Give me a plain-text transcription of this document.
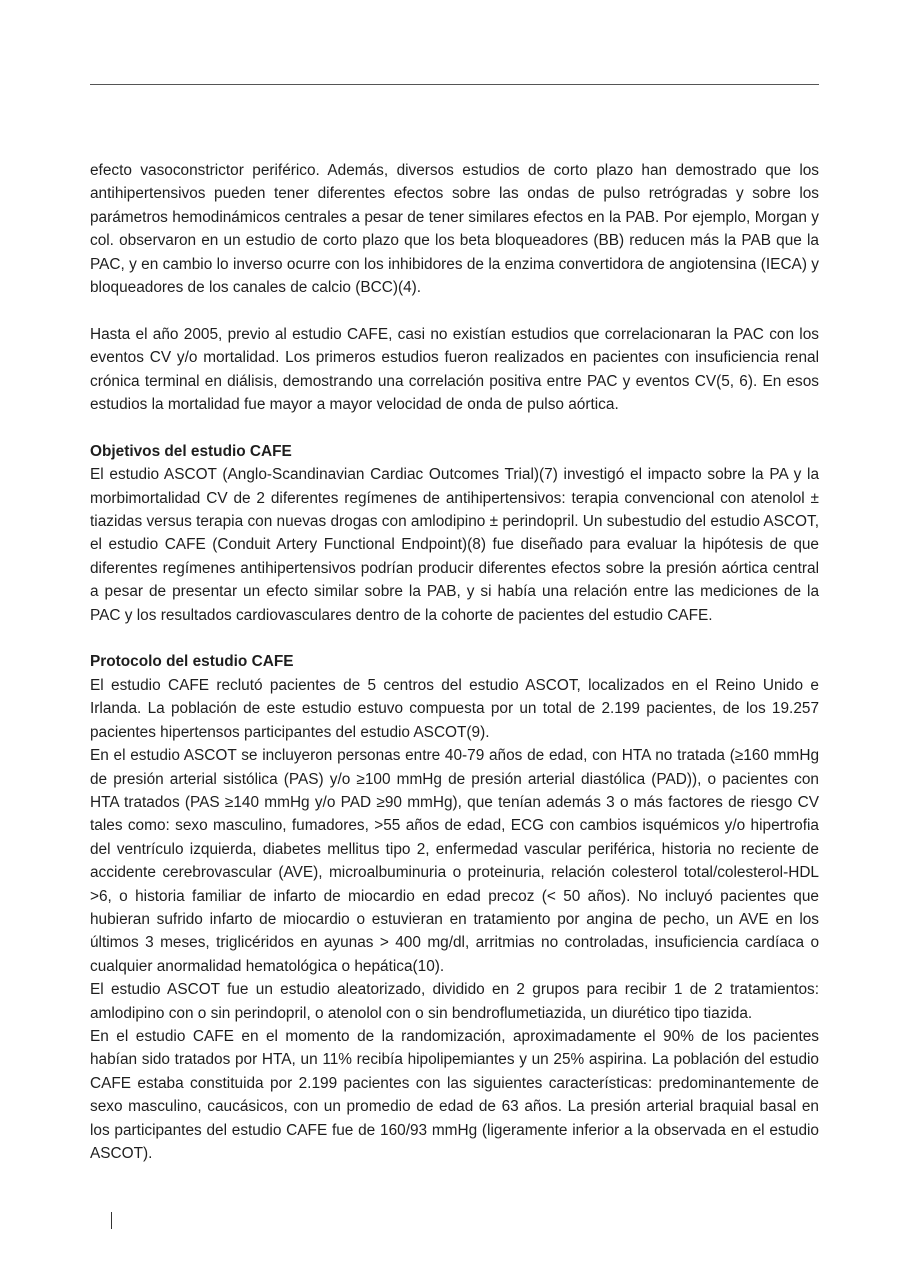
efecto vasoconstrictor periférico. Además, diversos estudios de corto plazo han demostrado que los antihipertensivos pueden tener diferentes efectos sobre las ondas de pulso retrógradas y sobre los parámetros hemodinámicos centrales a pesar de tener similares efectos en la PAB. Por ejemplo, Morgan y col. observaron en un estudio de corto plazo que los beta bloqueadores (BB) reducen más la PAB que la PAC, y en cambio lo inverso ocurre con los inhibidores de la enzima convertidora de angiotensina (IECA) y bloqueadores de los canales de calcio (BCC)(4).

Hasta el año 2005, previo al estudio CAFE, casi no existían estudios que correlacionaran la PAC con los eventos CV y/o mortalidad. Los primeros estudios fueron realizados en pacientes con insuficiencia renal crónica terminal en diálisis, demostrando una correlación positiva entre PAC y eventos CV(5, 6). En esos estudios la mortalidad fue mayor a mayor velocidad de onda de pulso aórtica.

Objetivos del estudio CAFE

El estudio ASCOT (Anglo-Scandinavian Cardiac Outcomes Trial)(7) investigó el impacto sobre la PA y la morbimortalidad CV de 2 diferentes regímenes de antihipertensivos: terapia convencional con atenolol ± tiazidas versus terapia con nuevas drogas con amlodipino ± perindopril. Un subestudio del estudio ASCOT, el estudio CAFE (Conduit Artery Functional Endpoint)(8) fue diseñado para evaluar la hipótesis de que diferentes regímenes antihipertensivos podrían producir diferentes efectos sobre la presión aórtica central a pesar de presentar un efecto similar sobre la PAB, y si había una relación entre las mediciones de la PAC y los resultados cardiovasculares dentro de la cohorte de pacientes del estudio CAFE.

Protocolo del estudio CAFE

El estudio CAFE reclutó pacientes de 5 centros del estudio ASCOT, localizados en el Reino Unido e Irlanda. La población de este estudio estuvo compuesta por un total de 2.199 pacientes, de los 19.257 pacientes hipertensos participantes del estudio ASCOT(9).

En el estudio ASCOT se incluyeron personas entre 40-79 años de edad, con HTA no tratada (≥160 mmHg de presión arterial sistólica (PAS) y/o ≥100 mmHg de presión arterial diastólica (PAD)), o pacientes con HTA tratados (PAS ≥140 mmHg y/o PAD ≥90 mmHg), que tenían además 3 o más factores de riesgo CV tales como: sexo masculino, fumadores, >55 años de edad, ECG con cambios isquémicos y/o hipertrofia del ventrículo izquierda, diabetes mellitus tipo 2, enfermedad vascular periférica, historia no reciente de accidente cerebrovascular (AVE), microalbuminuria o proteinuria, relación colesterol total/colesterol-HDL >6, o historia familiar de infarto de miocardio en edad precoz (< 50 años). No incluyó pacientes que hubieran sufrido infarto de miocardio o estuvieran en tratamiento por angina de pecho, un AVE en los últimos 3 meses, triglicéridos en ayunas > 400 mg/dl, arritmias no controladas, insuficiencia cardíaca o cualquier anormalidad hematológica o hepática(10).

El estudio ASCOT fue un estudio aleatorizado, dividido en 2 grupos para recibir 1 de 2 tratamientos: amlodipino con o sin perindopril, o atenolol con o sin bendroflumetiazida, un diurético tipo tiazida.

En el estudio CAFE en el momento de la randomización, aproximadamente el 90% de los pacientes habían sido tratados por HTA, un 11% recibía hipolipemiantes y un 25% aspirina. La población del estudio CAFE estaba constituida por 2.199 pacientes con las siguientes características: predominantemente de sexo masculino, caucásicos, con un promedio de edad de 63 años. La presión arterial braquial basal en los participantes del estudio CAFE fue de 160/93 mmHg (ligeramente inferior a la observada en el estudio ASCOT).
